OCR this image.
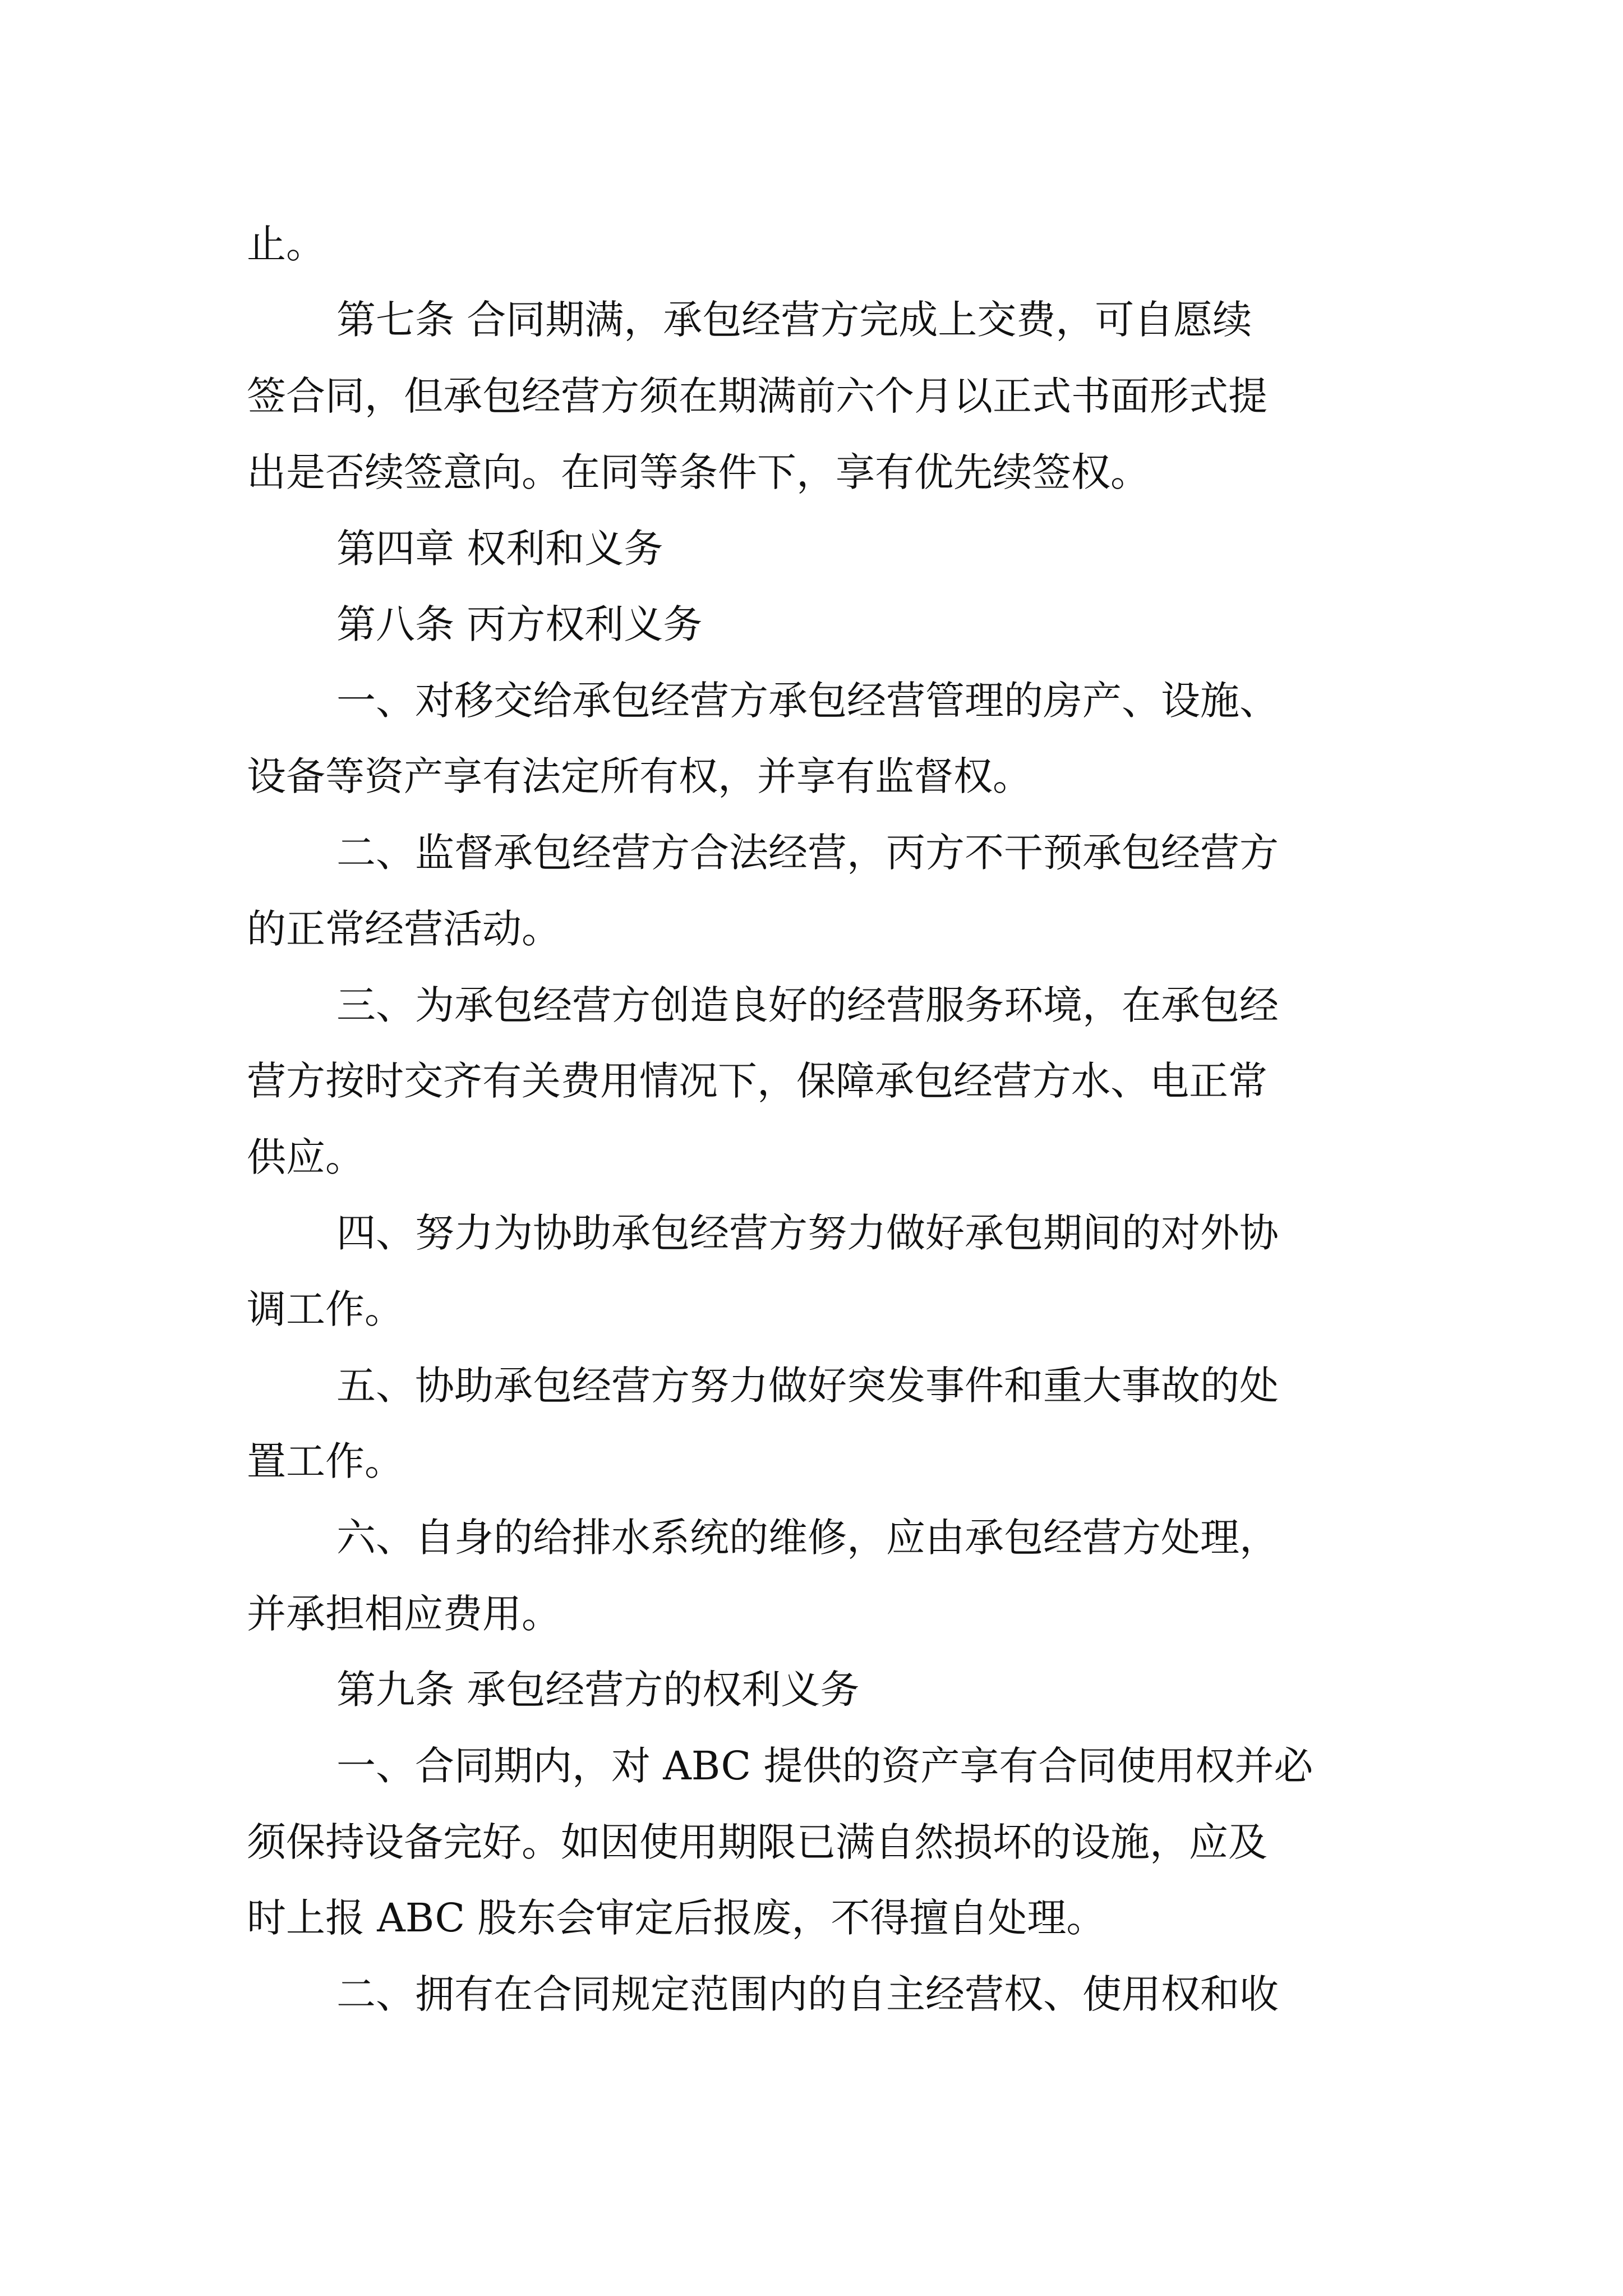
止。
第七条 合同期满，承包经营方完成上交费，可自愿续
签合同，但承包经营方须在期满前六个月以正式书面形式提
出是否续签意向。在同等条件下，享有优先续签权。
第四章 权利和义务
第八条 丙方权利义务
一、对移交给承包经营方承包经营管理的房产、设施、
设备等资产享有法定所有权，并享有监督权。
二、监督承包经营方合法经营，丙方不干预承包经营方
的正常经营活动。
三、为承包经营方创造良好的经营服务环境，在承包经
营方按时交齐有关费用情况下，保障承包经营方水、电正常
供应。
四、努力为协助承包经营方努力做好承包期间的对外协
调工作。
五、协助承包经营方努力做好突发事件和重大事故的处
置工作。
六、自身的给排水系统的维修，应由承包经营方处理，
并承担相应费用。
第九条 承包经营方的权利义务
一、合同期内，对 ABC 提供的资产享有合同使用权并必
须保持设备完好。如因使用期限已满自然损坏的设施，应及
时上报 ABC 股东会审定后报废，不得擅自处理。
二、拥有在合同规定范围内的自主经营权、使用权和收
